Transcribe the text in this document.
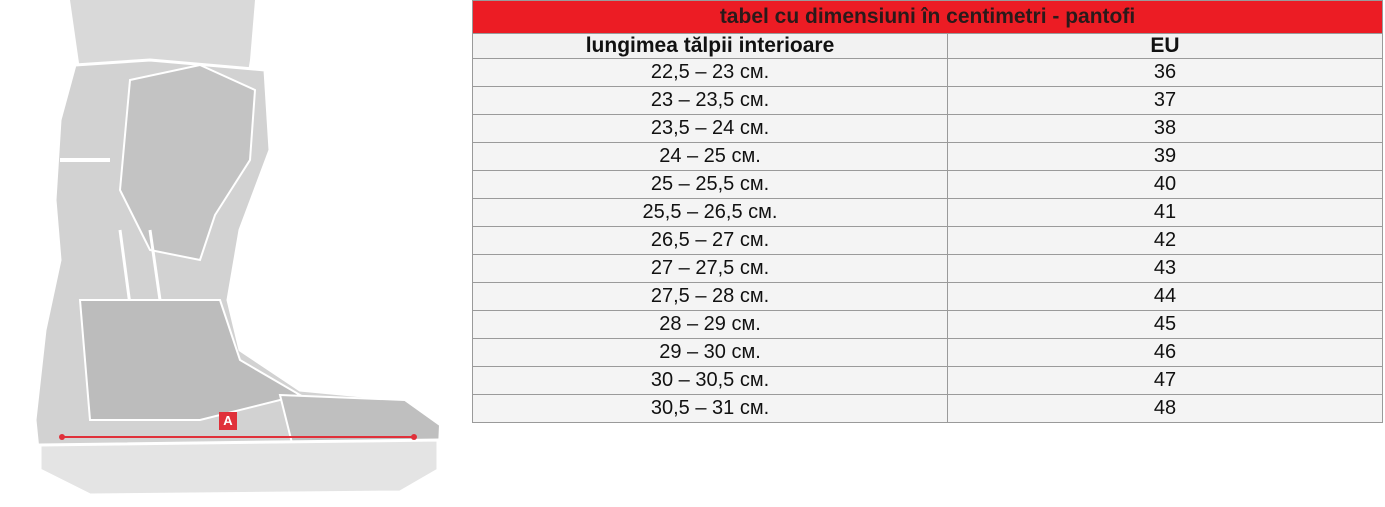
A
tabel cu dimensiuni în centimetri - pantofi	
lungimea tălpii interioare	EU
22,5 – 23 см.	36
23 – 23,5 см.	37
23,5 – 24 см.	38
24 – 25 см.	39
25 – 25,5 см.	40
25,5 – 26,5 см.	41
26,5 – 27 см.	42
27 – 27,5 см.	43
27,5 – 28 см.	44
28 – 29 см.	45
29 – 30 см.	46
30 – 30,5 см.	47
30,5 – 31 см.	48
